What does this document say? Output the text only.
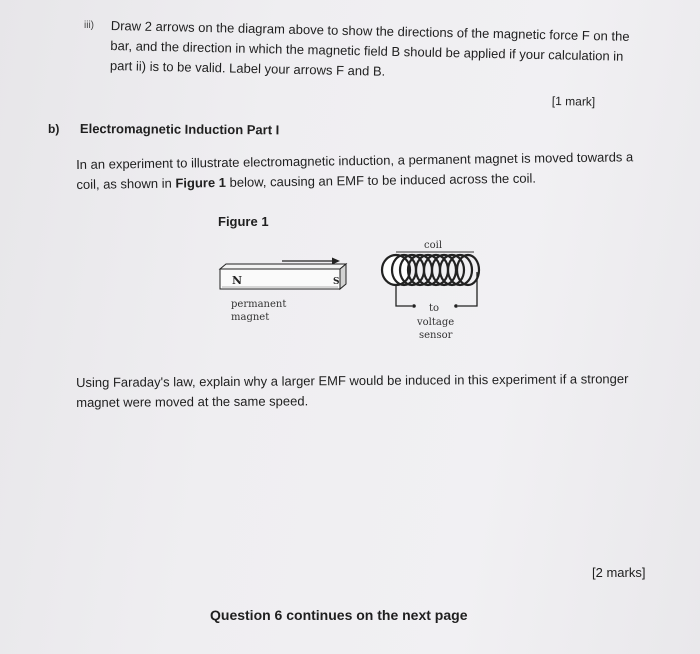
iii) Draw 2 arrows on the diagram above to show the directions of the magnetic force F on the bar, and the direction in which the magnetic field B should be applied if your calculation in part ii) is to be valid. Label your arrows F and B.
[1 mark]
b) Electromagnetic Induction Part I
In an experiment to illustrate electromagnetic induction, a permanent magnet is moved towards a coil, as shown in Figure 1 below, causing an EMF to be induced across the coil.
Figure 1
N	S
permanent
magnet
coil
to
voltage
sensor
Using Faraday's law, explain why a larger EMF would be induced in this experiment if a stronger magnet were moved at the same speed.
[2 marks]
Question 6 continues on the next page
